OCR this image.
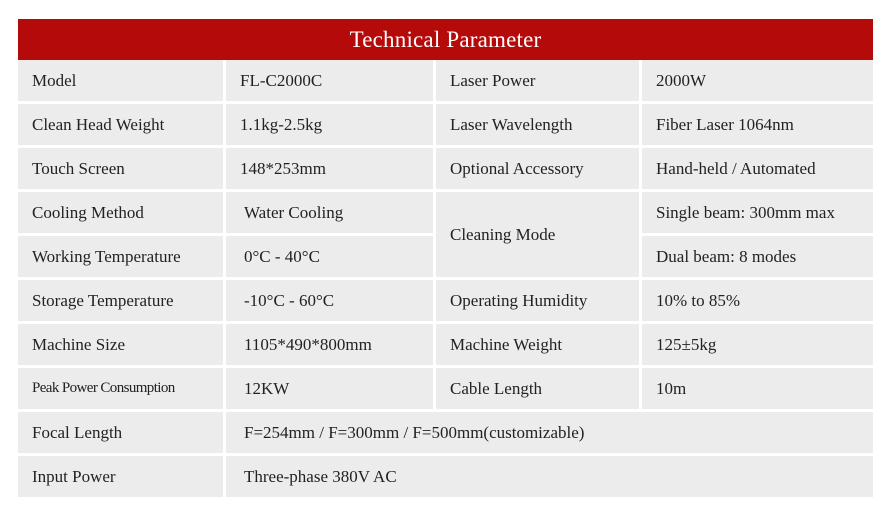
Technical Parameter
Model	FL-C2000C	Laser Power	2000W
Clean Head Weight	1.1kg-2.5kg	Laser Wavelength	Fiber Laser 1064nm
Touch Screen	148*253mm	Optional Accessory	Hand-held / Automated
Cooling Method	Water Cooling	Cleaning Mode	Single beam: 300mm max
Working Temperature	0°C - 40°C		Dual beam: 8 modes
Storage Temperature	-10°C - 60°C	Operating Humidity	10% to 85%
Machine Size	1105*490*800mm	Machine Weight	125±5kg
Peak Power Consumption	12KW	Cable Length	10m
Focal Length	F=254mm / F=300mm / F=500mm(customizable)		
Input Power	Three-phase 380V AC		
